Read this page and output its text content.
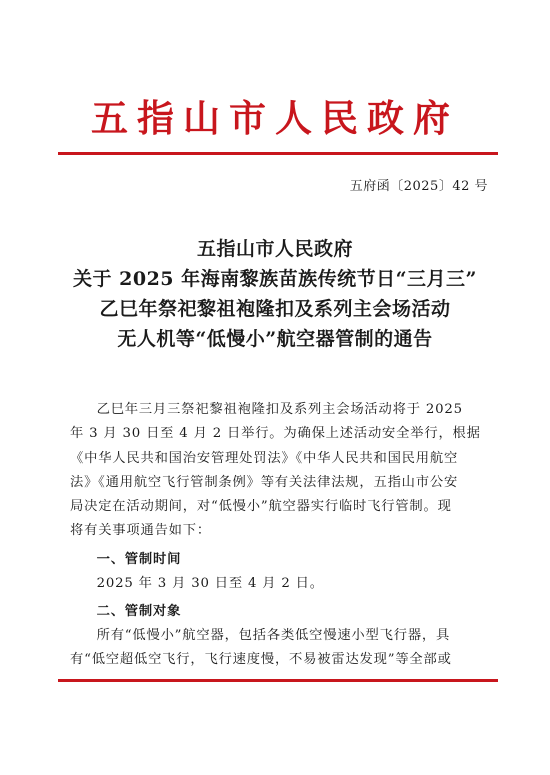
五指山市人民政府
五府函〔2025〕42 号
五指山市人民政府
关于 2025 年海南黎族苗族传统节日“三月三”
乙巳年祭祀黎祖袍隆扣及系列主会场活动
无人机等“低慢小”航空器管制的通告

乙巳年三月三祭祀黎祖袍隆扣及系列主会场活动将于 2025

年 3 月 30 日至 4 月 2 日举行。为确保上述活动安全举行，根据

《中华人民共和国治安管理处罚法》《中华人民共和国民用航空

法》《通用航空飞行管制条例》等有关法律法规，五指山市公安

局决定在活动期间，对“低慢小”航空器实行临时飞行管制。现

将有关事项通告如下：

一、管制时间

2025 年 3 月 30 日至 4 月 2 日。

二、管制对象

所有“低慢小”航空器，包括各类低空慢速小型飞行器，具

有“低空超低空飞行，飞行速度慢，不易被雷达发现”等全部或
